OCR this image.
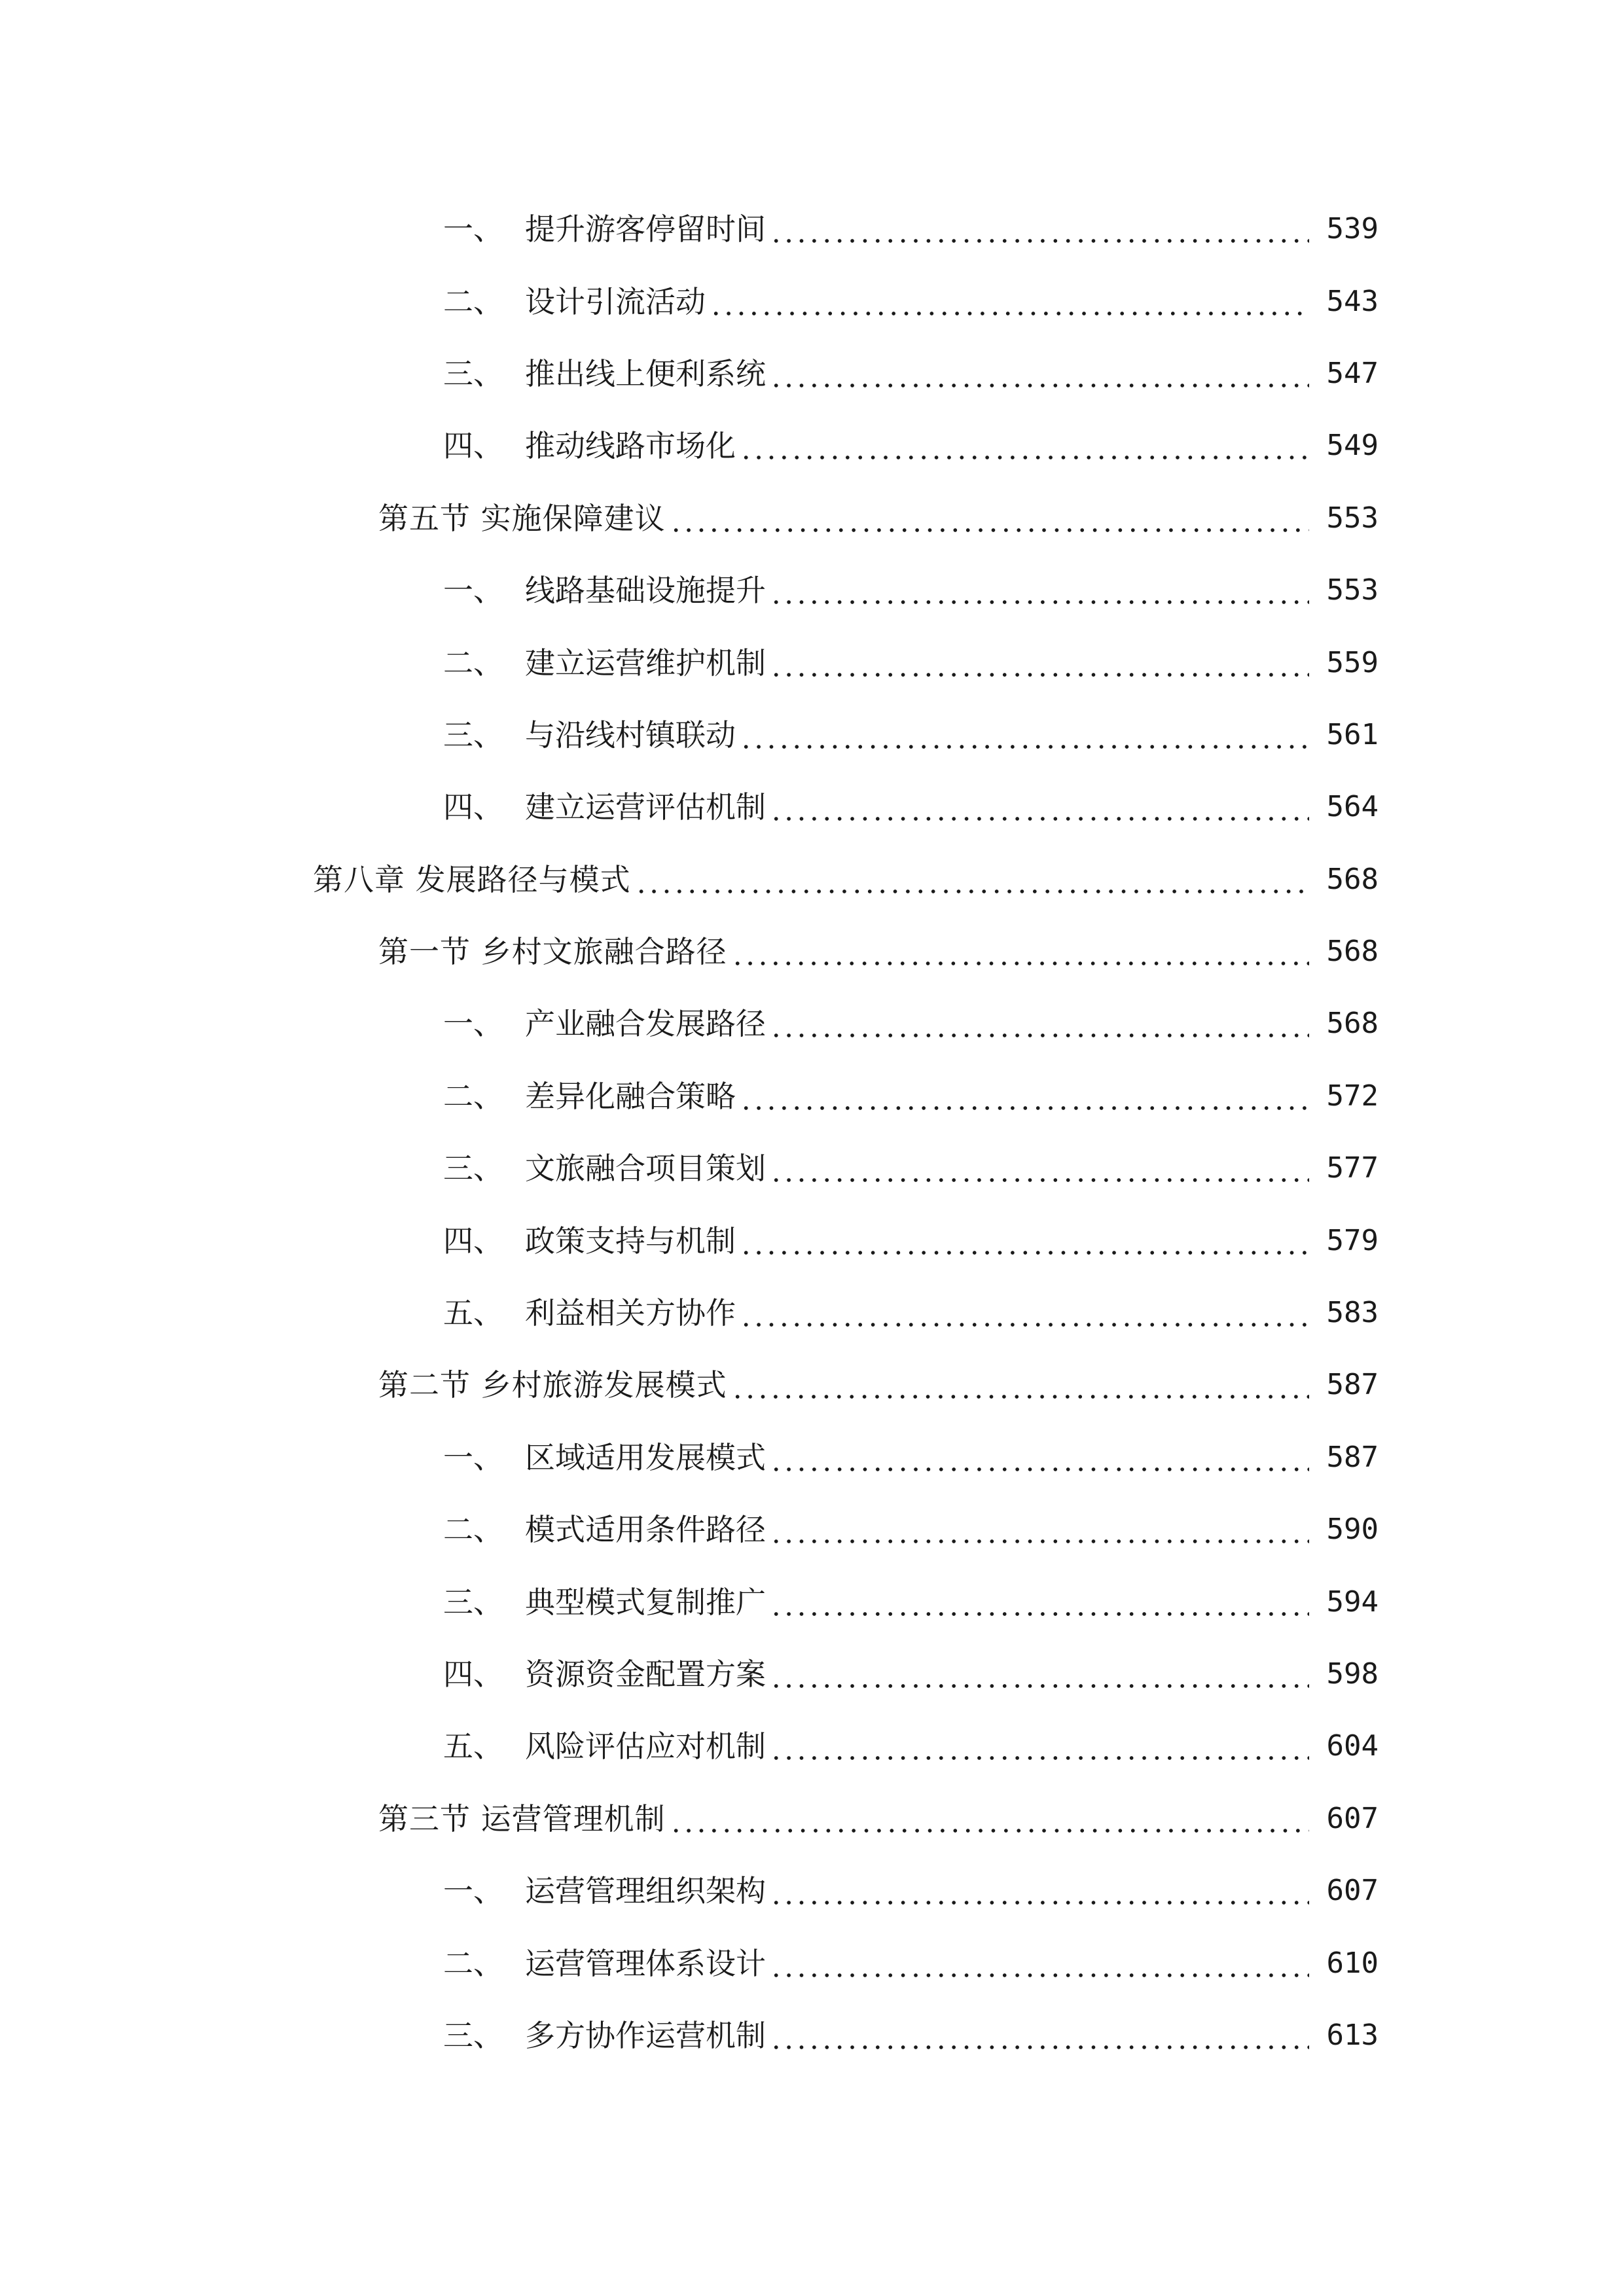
一、 提升游客停留时间	539
二、 设计引流活动	543
三、 推出线上便利系统	547
四、 推动线路市场化	549
第五节 实施保障建议	553
一、 线路基础设施提升	553
二、 建立运营维护机制	559
三、 与沿线村镇联动	561
四、 建立运营评估机制	564
第八章 发展路径与模式	568
第一节 乡村文旅融合路径	568
一、 产业融合发展路径	568
二、 差异化融合策略	572
三、 文旅融合项目策划	577
四、 政策支持与机制	579
五、 利益相关方协作	583
第二节 乡村旅游发展模式	587
一、 区域适用发展模式	587
二、 模式适用条件路径	590
三、 典型模式复制推广	594
四、 资源资金配置方案	598
五、 风险评估应对机制	604
第三节 运营管理机制	607
一、 运营管理组织架构	607
二、 运营管理体系设计	610
三、 多方协作运营机制	613
